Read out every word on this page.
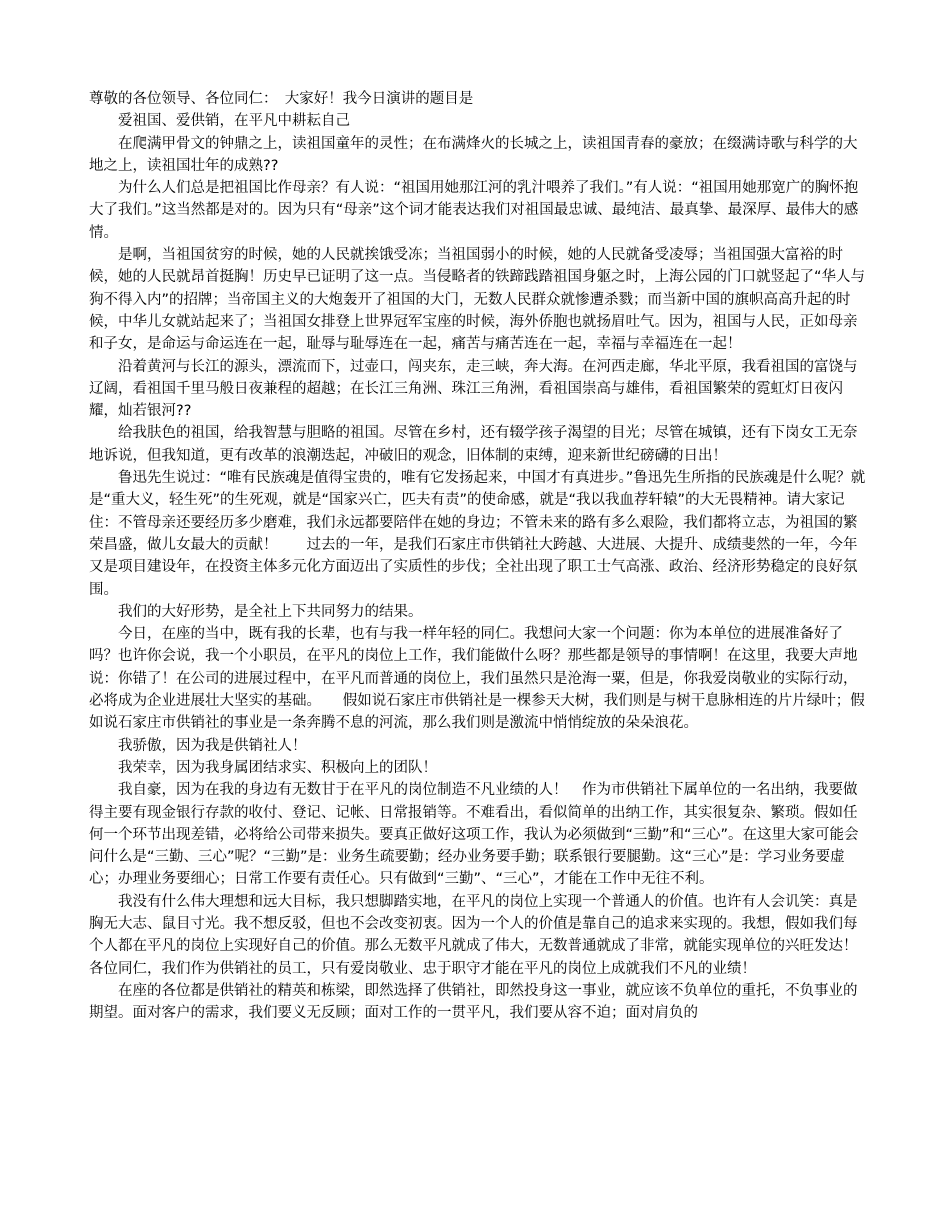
尊敬的各位领导、各位同仁：　大家好！我今日演讲的题目是

爱祖国、爱供销，在平凡中耕耘自己

在爬满甲骨文的钟鼎之上，读祖国童年的灵性；在布满烽火的长城之上，读祖国青春的豪放；在缀满诗歌与科学的大地之上，读祖国壮年的成熟??

为什么人们总是把祖国比作母亲？有人说：“祖国用她那江河的乳汁喂养了我们。”有人说：“祖国用她那宽广的胸怀抱大了我们。”这当然都是对的。因为只有“母亲”这个词才能表达我们对祖国最忠诚、最纯洁、最真挚、最深厚、最伟大的感情。

是啊，当祖国贫穷的时候，她的人民就挨饿受冻；当祖国弱小的时候，她的人民就备受凌辱；当祖国强大富裕的时候，她的人民就昂首挺胸！历史早已证明了这一点。当侵略者的铁蹄践踏祖国身躯之时，上海公园的门口就竖起了“华人与狗不得入内”的招牌；当帝国主义的大炮轰开了祖国的大门，无数人民群众就惨遭杀戮；而当新中国的旗帜高高升起的时候，中华儿女就站起来了；当祖国女排登上世界冠军宝座的时候，海外侨胞也就扬眉吐气。因为，祖国与人民，正如母亲和子女，是命运与命运连在一起，耻辱与耻辱连在一起，痛苦与痛苦连在一起，幸福与幸福连在一起！

沿着黄河与长江的源头，漂流而下，过壶口，闯夹东，走三峡，奔大海。在河西走廊，华北平原，我看祖国的富饶与辽阔，看祖国千里马般日夜兼程的超越；在长江三角洲、珠江三角洲，看祖国崇高与雄伟，看祖国繁荣的霓虹灯日夜闪耀，灿若银河??

给我肤色的祖国，给我智慧与胆略的祖国。尽管在乡村，还有辍学孩子渴望的目光；尽管在城镇，还有下岗女工无奈地诉说，但我知道，更有改革的浪潮迭起，冲破旧的观念，旧体制的束缚，迎来新世纪磅礴的日出！

鲁迅先生说过：“唯有民族魂是值得宝贵的，唯有它发扬起来，中国才有真进步。”鲁迅先生所指的民族魂是什么呢？就是“重大义，轻生死”的生死观，就是“国家兴亡，匹夫有责”的使命感，就是“我以我血荐轩辕”的大无畏精神。请大家记住：不管母亲还要经历多少磨难，我们永远都要陪伴在她的身边；不管未来的路有多么艰险，我们都将立志，为祖国的繁荣昌盛，做儿女最大的贡献！　　过去的一年，是我们石家庄市供销社大跨越、大进展、大提升、成绩斐然的一年，今年又是项目建设年，在投资主体多元化方面迈出了实质性的步伐；全社出现了职工士气高涨、政治、经济形势稳定的良好氛围。

我们的大好形势，是全社上下共同努力的结果。

今日，在座的当中，既有我的长辈，也有与我一样年轻的同仁。我想问大家一个问题：你为本单位的进展准备好了吗？也许你会说，我一个小职员，在平凡的岗位上工作，我们能做什么呀？那些都是领导的事情啊！在这里，我要大声地说：你错了！在公司的进展过程中，在平凡而普通的岗位上，我们虽然只是沧海一粟，但是，你我爱岗敬业的实际行动，必将成为企业进展壮大坚实的基础。　　假如说石家庄市供销社是一棵参天大树，我们则是与树干息脉相连的片片绿叶；假如说石家庄市供销社的事业是一条奔腾不息的河流，那么我们则是激流中悄悄绽放的朵朵浪花。

我骄傲，因为我是供销社人！

我荣幸，因为我身属团结求实、积极向上的团队！

我自豪，因为在我的身边有无数甘于在平凡的岗位制造不凡业绩的人！　作为市供销社下属单位的一名出纳，我要做得主要有现金银行存款的收付、登记、记帐、日常报销等。不难看出，看似简单的出纳工作，其实很复杂、繁琐。假如任何一个环节出现差错，必将给公司带来损失。要真正做好这项工作，我认为必须做到“三勤”和“三心”。在这里大家可能会问什么是“三勤、三心”呢？“三勤”是：业务生疏要勤；经办业务要手勤；联系银行要腿勤。这“三心”是：学习业务要虚心；办理业务要细心；日常工作要有责任心。只有做到“三勤”、“三心”，才能在工作中无往不利。

我没有什么伟大理想和远大目标，我只想脚踏实地，在平凡的岗位上实现一个普通人的价值。也许有人会讥笑：真是胸无大志、鼠目寸光。我不想反驳，但也不会改变初衷。因为一个人的价值是靠自己的追求来实现的。我想，假如我们每个人都在平凡的岗位上实现好自己的价值。那么无数平凡就成了伟大，无数普通就成了非常，就能实现单位的兴旺发达！各位同仁，我们作为供销社的员工，只有爱岗敬业、忠于职守才能在平凡的岗位上成就我们不凡的业绩！

在座的各位都是供销社的精英和栋梁，即然选择了供销社，即然投身这一事业，就应该不负单位的重托，不负事业的期望。面对客户的需求，我们要义无反顾；面对工作的一贯平凡，我们要从容不迫；面对肩负的
